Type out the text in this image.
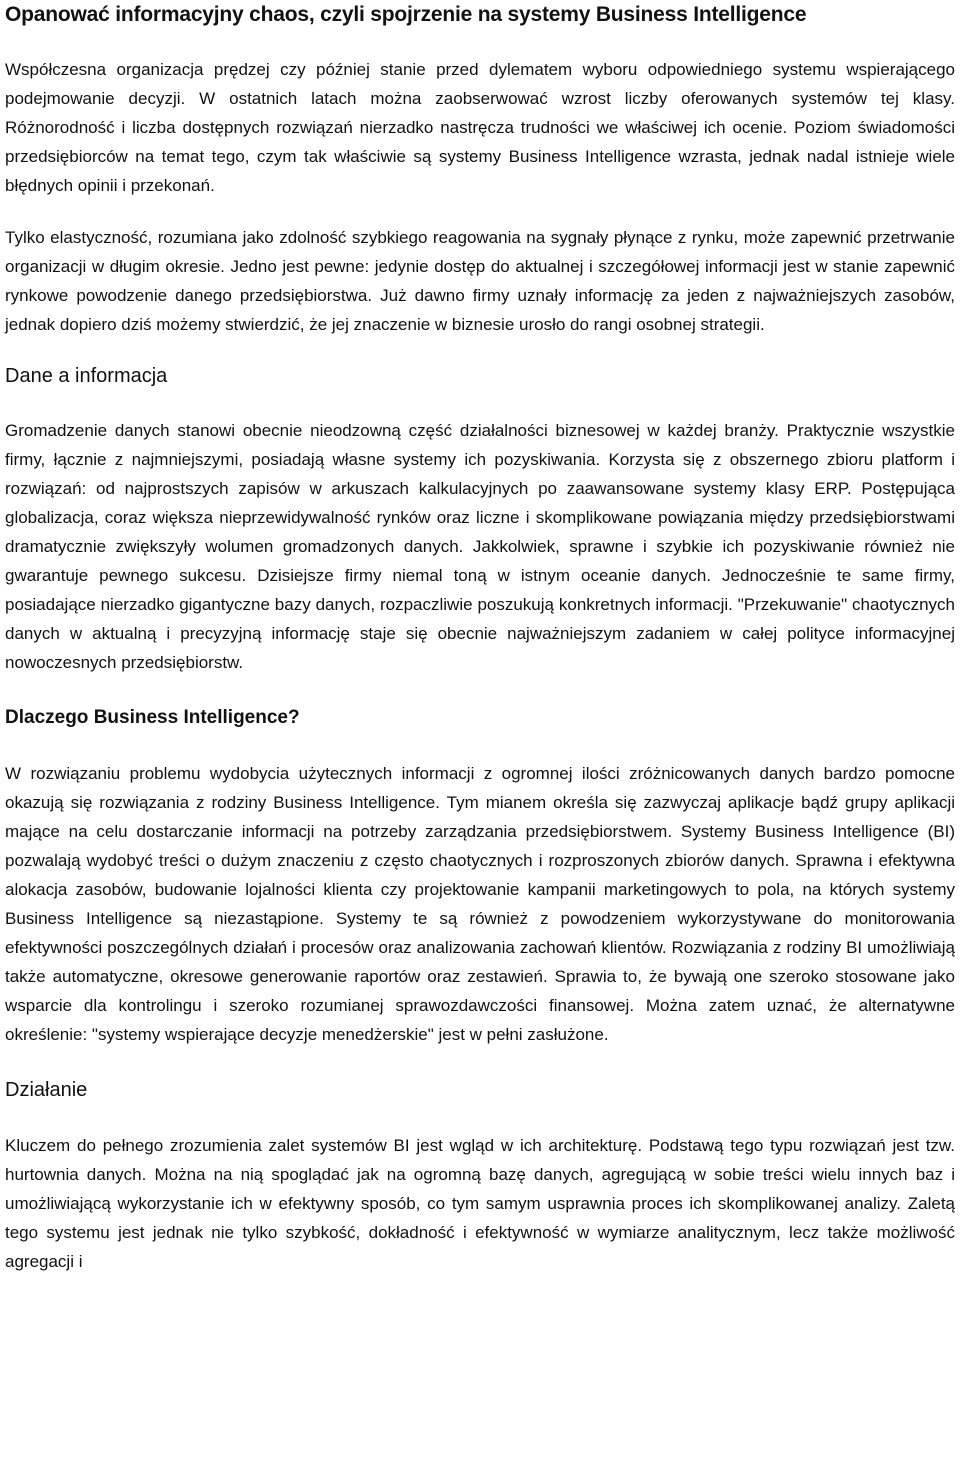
Opanować informacyjny chaos, czyli spojrzenie na systemy Business Intelligence

Współczesna organizacja prędzej czy później stanie przed dylematem wyboru odpowiedniego systemu wspierającego podejmowanie decyzji. W ostatnich latach można zaobserwować wzrost liczby oferowanych systemów tej klasy. Różnorodność i liczba dostępnych rozwiązań nierzadko nastręcza trudności we właściwej ich ocenie. Poziom świadomości przedsiębiorców na temat tego, czym tak właściwie są systemy Business Intelligence wzrasta, jednak nadal istnieje wiele błędnych opinii i przekonań.

Tylko elastyczność, rozumiana jako zdolność szybkiego reagowania na sygnały płynące z rynku, może zapewnić przetrwanie organizacji w długim okresie. Jedno jest pewne: jedynie dostęp do aktualnej i szczegółowej informacji jest w stanie zapewnić rynkowe powodzenie danego przedsiębiorstwa. Już dawno firmy uznały informację za jeden z najważniejszych zasobów, jednak dopiero dziś możemy stwierdzić, że jej znaczenie w biznesie urosło do rangi osobnej strategii.

Dane a informacja

Gromadzenie danych stanowi obecnie nieodzowną część działalności biznesowej w każdej branży. Praktycznie wszystkie firmy, łącznie z najmniejszymi, posiadają własne systemy ich pozyskiwania. Korzysta się z obszernego zbioru platform i rozwiązań: od najprostszych zapisów w arkuszach kalkulacyjnych po zaawansowane systemy klasy ERP. Postępująca globalizacja, coraz większa nieprzewidywalność rynków oraz liczne i skomplikowane powiązania między przedsiębiorstwami dramatycznie zwiększyły wolumen gromadzonych danych. Jakkolwiek, sprawne i szybkie ich pozyskiwanie również nie gwarantuje pewnego sukcesu. Dzisiejsze firmy niemal toną w istnym oceanie danych. Jednocześnie te same firmy, posiadające nierzadko gigantyczne bazy danych, rozpaczliwie poszukują konkretnych informacji. "Przekuwanie" chaotycznych danych w aktualną i precyzyjną informację staje się obecnie najważniejszym zadaniem w całej polityce informacyjnej nowoczesnych przedsiębiorstw.

Dlaczego Business Intelligence?

W rozwiązaniu problemu wydobycia użytecznych informacji z ogromnej ilości zróżnicowanych danych bardzo pomocne okazują się rozwiązania z rodziny Business Intelligence. Tym mianem określa się zazwyczaj aplikacje bądź grupy aplikacji mające na celu dostarczanie informacji na potrzeby zarządzania przedsiębiorstwem. Systemy Business Intelligence (BI) pozwalają wydobyć treści o dużym znaczeniu z często chaotycznych i rozproszonych zbiorów danych. Sprawna i efektywna alokacja zasobów, budowanie lojalności klienta czy projektowanie kampanii marketingowych to pola, na których systemy Business Intelligence są niezastąpione. Systemy te są również z powodzeniem wykorzystywane do monitorowania efektywności poszczególnych działań i procesów oraz analizowania zachowań klientów. Rozwiązania z rodziny BI umożliwiają także automatyczne, okresowe generowanie raportów oraz zestawień. Sprawia to, że bywają one szeroko stosowane jako wsparcie dla kontrolingu i szeroko rozumianej sprawozdawczości finansowej. Można zatem uznać, że alternatywne określenie: "systemy wspierające decyzje menedżerskie" jest w pełni zasłużone.

Działanie

Kluczem do pełnego zrozumienia zalet systemów BI jest wgląd w ich architekturę. Podstawą tego typu rozwiązań jest tzw. hurtownia danych. Można na nią spoglądać jak na ogromną bazę danych, agregującą w sobie treści wielu innych baz i umożliwiającą wykorzystanie ich w efektywny sposób, co tym samym usprawnia proces ich skomplikowanej analizy. Zaletą tego systemu jest jednak nie tylko szybkość, dokładność i efektywność w wymiarze analitycznym, lecz także możliwość agregacji i
